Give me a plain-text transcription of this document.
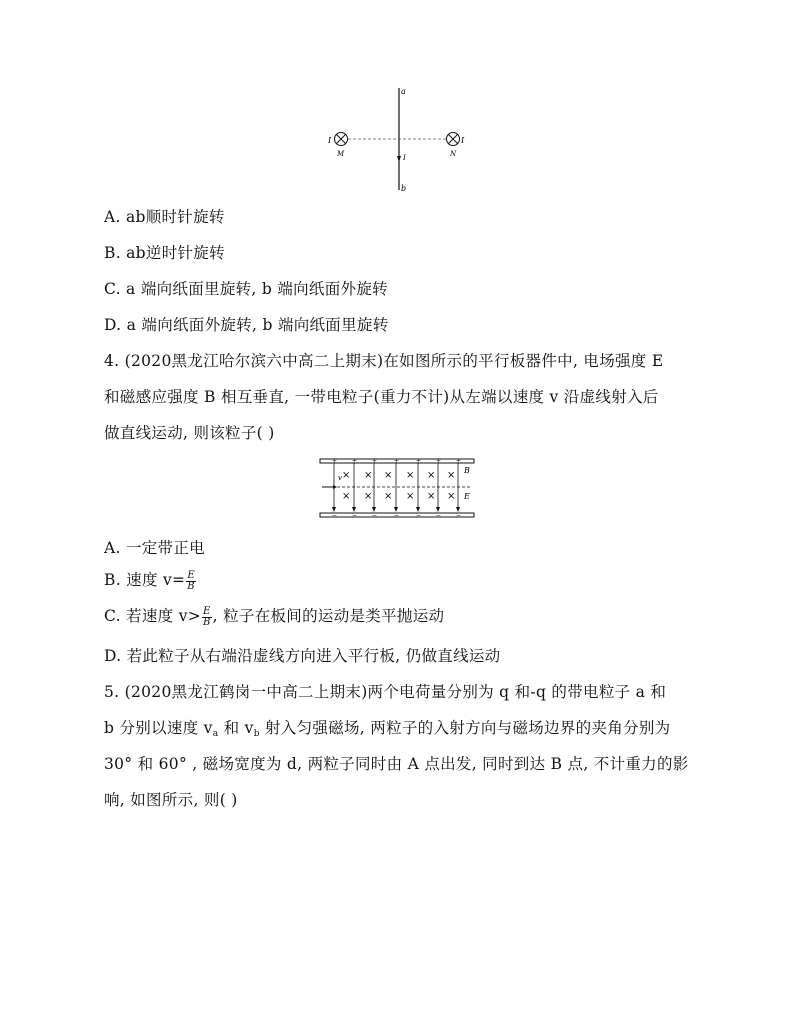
a
b
I	I
M	N
I
A. ab顺时针旋转
B. ab逆时针旋转
C. a 端向纸面里旋转, b 端向纸面外旋转
D. a 端向纸面外旋转, b 端向纸面里旋转
4. (2020黑龙江哈尔滨六中高二上期末)在如图所示的平行板器件中, 电场强度 E
和磁感应强度 B 相互垂直, 一带电粒子(重力不计)从左端以速度 v 沿虚线射入后
做直线运动, 则该粒子( )
× × × × × ×
× × × × × ×
+
−
+
−
+
−
+
−
+
−
+
−
+
−
v
B
E
A. 一定带正电
B. 速度 $v= \frac{E}{B}$
C. 若速度 $v> \frac{E}{B}$ , 粒子在板间的运动是类平抛运动
D. 若此粒子从右端沿虚线方向进入平行板, 仍做直线运动
5. (2020黑龙江鹤岗一中高二上期末)两个电荷量分别为 q 和-q 的带电粒子 a 和
b 分别以速度 $v_a$ 和 $v_b$ 射入匀强磁场, 两粒子的入射方向与磁场边界的夹角分别为
30° 和 60° , 磁场宽度为 d, 两粒子同时由 A 点出发, 同时到达 B 点, 不计重力的影
响, 如图所示, 则( )
